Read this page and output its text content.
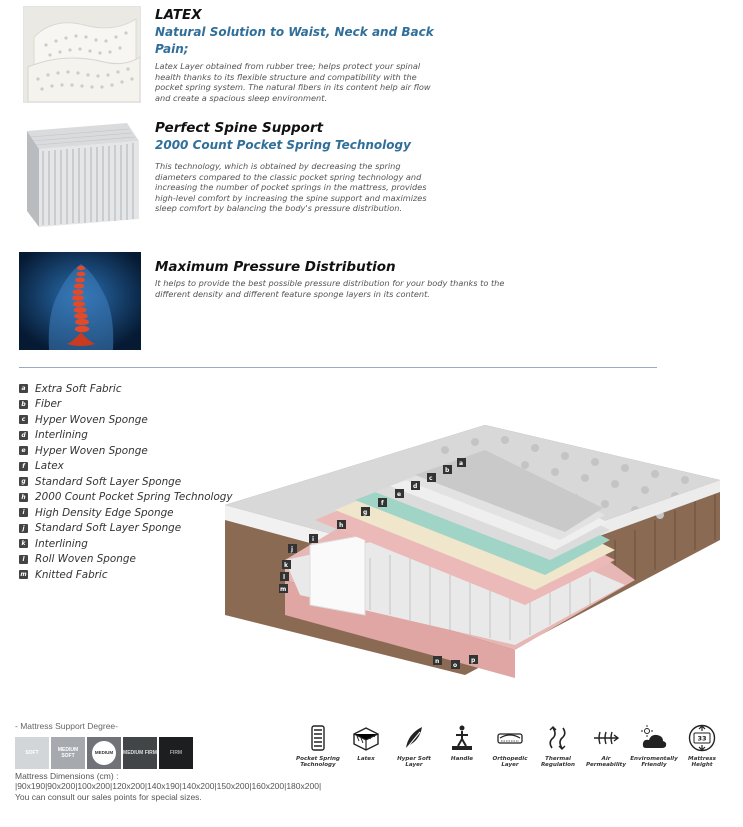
LATEX
Natural Solution to Waist, Neck and Back Pain;
Latex Layer obtained from rubber tree; helps protect your spinal health thanks to its flexible structure and compatibility with the pocket spring system. The natural fibers in its content help air flow and create a spacious sleep environment.
Perfect Spine Support
2000 Count Pocket Spring Technology
This technology, which is obtained by decreasing the spring diameters compared to the classic pocket spring technology and increasing the number of pocket springs in the mattress, provides high-level comfort by increasing the spine support and maximizes sleep comfort by balancing the body's pressure distribution.
Maximum Pressure Distribution
It helps to provide the best possible pressure distribution for your body thanks to the different density and different feature sponge layers in its content.
a Extra Soft Fabric
b Fiber
c Hyper Woven Sponge
d Interlining
e Hyper Woven Sponge
f Latex
g Standard Soft Layer Sponge
h 2000 Count Pocket Spring Technology
i	High Density Edge Sponge
j	Standard Soft Layer Sponge
k Interlining
l	Roll Woven Sponge
m Knitted Fabric
a
b
c
d
e
f
g
h
i
j
k
l
m
n
o
p
- Mattress Support Degree-
SOFT	MEDIUM SOFT
MEDIUM	MEDIUM FIRM	FIRM
Mattress Dimensions (cm) :
|90x190|90x200|100x200|120x200|140x190|140x200|150x200|160x200|180x200|
You can consult our sales points for special sizes.
Pocket Spring Technology
Latex	Hyper Soft Layer
Handle	Orthopedic Layer
Thermal Regulation
Air Permeability
Enviromentally Friendly
33
Mattress Height
